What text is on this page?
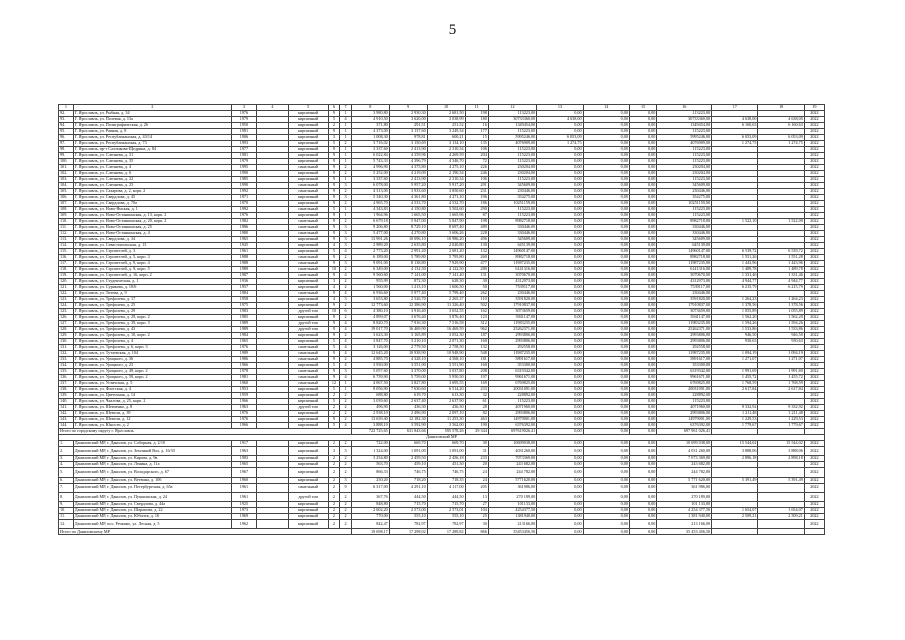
5
1	2	3	4	5	6	7	8	9	10	11	12	13	14	15	16	17	18	19
92.	Г. Ярославль, ул. Рыбная, д. 34	1976		кирпичный	9	1	3 980,80	2 930,30	2 681,50	198	113223,00	0,00	0,00	0,00	113223,00			2022
93.	Г. Ярославль, ул. Полевая, д. 13а	1979		кирпичный	5	4	4 910,50	3 620,00	3 038,99	180	30733360,00	4 638,00	0,00	0,00	30733360,00	4 638,00	4 638,00	2022
94.	Г. Ярославль, ул. Полиграфическая, д. 26	1950		кирпичный	2	1	371,80	291,51	251,52	16	1349454,00	0,00	0,00	0,00	1349454,00	6 160,63	6 160,63	2022
95.	Г. Ярославль, ул. Равная, д. 8	1981		кирпичный	9	1	4 373,00	3 137,60	3 249,34	177	115223,00	0,00	0,00	0,00	115223,00			2022
96.	Г. Ярославль, ул. Республиканская, д. 43/14	1906		кирпичный	3	1	1 008,30	978,81	600,21	15	5995246,00	6 053,09	0,00	0,00	5995246,00	6 053,09	6 053,09	2022
97.	Г. Ярославль, ул. Республиканская, д. 73	1993		кирпичный	5	2	3 716,02	3 150,69	3 134,10	135	4076909,00	1 274,75	0,00	0,00	4076909,00	1 274,75	1 274,75	2022
98.	Г. Ярославль, пр-т Салтыкова-Щедрина, д. 84	1977		кирпичный	9	1	3 337,60	2 413,90	2 310,34	106	115223,00	0,00	0,00	0,00	115223,00			2022
99.	Г. Ярославль, ул. Слепнева, д. 31	1981		кирпичный	9	1	6 022,84	4 359,96	4 269,59	204	115223,00	0,00	0,00	0,00	115223,00			2022
100.	Г. Ярославль, ул. Слепнева, д. 35	1979		кирпичный	9	1	5 743,33	4 396,79	4 346,70	72	115223,00	0,00	0,00	0,00	115223,00			2022
101.	Г. Ярославль, ул. Слепнева, д. 4	1995		панельный	9	2	4 996,90	4 375,80	4 275,10	226	230204,00	0,00	0,00	0,00	230204,00			2022
102.	Г. Ярославль, ул. Слепнева, д. 6	1990		кирпичный	9	2	5 252,00	4 219,09	2 190,34	246	230204,00	0,00	0,00	0,00	230204,00			2022
103.	Г. Ярославль, ул. Слепнева, д. 22	1985		кирпичный	9	1	3 337,60	2 413,90	2 310,34	106	115223,00	0,00	0,00	0,00	115223,00			2022
104.	Г. Ярославль, ул. Слепнева, д. 23	1990		панельный	9	3	6 078,00	5 957,20	5 917,20	291	345609,00	0,00	0,00	0,00	345609,00			2022
105.	Г. Ярославль, ул. Сахарова, д. 2, корп. 2	1992		панельный	9	2	4 313,00	3 933,60	3 850,60	231	230446,00	0,00	0,00	0,00	230446,00			2022
106.	Г. Ярославль, ул. Свердлова, д. 45	1971		кирпичный	9	3	5 340,30	4 361,80	4 271,10	196	354275,00	0,00	0,00	0,00	354275,00			2022
107.	Г. Ярославль, ул. Свердлова, д. 70а	1970		кирпичный	9	2	4 965,70	4 533,70	4 532,70	186	10251159,00	0,00	0,00	0,00	10251159,00			2022
108.	Г. Ярославль, ул. Ново-Ямская, д. 1	1992		панельный	5	1	4 343,83	4 150,80	3 502,60	290	115223,00	0,00	0,00	0,00	115223,00			2022
109.	Г. Ярославль, ул. Ново-Останкинская, д. 13, корп. 2	1976		кирпичный	9	1	1 964,96	1 665,50	1 665,96	87	115223,00	0,00	0,00	0,00	115223,00			2022
110.	Г. Ярославль, ул. Ново-Останкинская, д. 20, корп. 2	1982		панельный	9	2	6 679,18	5 947,00	5 847,90	198	8982718,00	0,00	0,00	0,00	8982718,00	1 522,10	1 522,09	2022
111.	Г. Ярославль, ул. Ново-Останкинская, д. 25	1986		панельный	9	3	9 206,80	8 729,10	8 697,40	489	330446,00	0,00	0,00	0,00	330446,00			2022
112.	Г. Ярославль, ул. Ново-Останкинская, д. 4	1980		панельный	9	3	5 477,00	4 270,80	3 606,26	228	330446,00	0,00	0,00	0,00	330446,00			2022
113.	Г. Ярославль, ул. Свердлова, д. 34	1965		кирпичный	9	3	13 991,26	10 096,10	10 986,20	496	345609,00	0,00	0,00	0,00	345609,00			2022
114.	Г. Ярославль, ул. Севастопольская, д. 13	1945		кирпичный	4	3	2 989,20	2 635,80	2 020,80	130	645139,00	0,00	0,00	0,00	645139,00			2022
115.	Г. Ярославль, ул. Строителей, д. 3	1961		кирпичный	5	4	2 773,20	2 991,20	2 681,20	132	14960147,00	0,00	0,00	0,00	14960147,00	6 539,72	6 539,72	2022
116.	Г. Ярославль, ул. Строителей, д. 5, корп. 3	1988		панельный	9	2	6 189,00	5 789,80	5 795,80	260	8982718,00	0,00	0,00	0,00	8982718,00	1 551,26	1 551,28	2022
117.	Г. Ярославль, ул. Строителей, д. 9, корп. 4	1988		панельный	9	3	9 091,00	8 138,80	7 929,90	477	11987235,00	0,00	0,00	0,00	11987235,00	1 443,96	1 443,96	2022
118.	Г. Ярославль, ул. Строителей, д. 9, корп. 5	1989		панельный	10	2	6 349,00	4 132,50	4 122,50	280	6141316,00	0,00	0,00	0,00	6141316,00	1 489,78	1 489,78	2022
119.	Г. Ярославль, ул. Строителей, д. 16, корп. 2	1987		панельный	9	4	9 560,60	7 141,00	7 141,40	131	3070670,00	0,00	0,00	0,00	3070670,00	1 331,46	1 331,46	2022
120.	Г. Ярославль, ул. Студенческая, д. 1	1936		кирпичный	3	2	955,99	872,30	628,30	30	4312973,00	0,00	0,00	0,00	4312973,00	4 944,77	4 944,77	2022
121.	Г. Ярославль, ул. Сурикова, д. 10/6	1957		кирпичный	4	2	1 560,00	1 213,10	1 606,50	50	7539117,00	0,00	0,00	0,00	7539117,00	6 215,79	6 215,79	2022
122.	Г. Ярославль, ул. Титова, д. 9	1984		панельный	9	4	6 936,60	5 977,40	5 799,40	262	230446,00	0,00	0,00	0,00	230446,00			2022
123.	Г. Ярославль, ул. Трефолева, д. 17	1958		кирпичный	4	3	3 653,80	2 526,70	2 265,37	110	3591820,00	0,00	0,00	0,00	3591820,00	1 264,23	1 264,23	2022
124.	Г. Ярославль, ул. Трефолева, д. 25	1975		кирпичный	9	2	12 773,60	12 386,90	11 326,40	502	17910837,00	0,00	0,00	0,00	17910837,00	1 378,56	1 378,56	2022
125.	Г. Ярославль, ул. Трефолева, д. 29	1983		другой тип	10	6	4 380,10	3 916,40	3 652,55	162	3073659,00	0,00	0,00	0,00	3073659,00	1 055,89	1 055,89	2022
126.	Г. Ярославль, ул. Трефолева, д. 29, корп. 2	1985		кирпичный	9	2	4 899,07	3 676,40	3 876,40	123	3941147,00	0,00	0,00	0,00	3941147,00	1 562,20	1 562,20	2022
127.	Г. Ярославль, ул. Трефолева, д. 39, корп. 3	1989		другой тип	9	4	8 820,70	7 916,30	7 516,58	312	11983235,00	0,00	0,00	0,00	11983235,00	1 594,26	1 594,26	2022
128.	Г. Ярославль, ул. Трефолева, д. 43	1989		другой тип	9	4	19 017,70	16 469,90	16 469,59	962	25262371,00	0,00	0,00	0,00	25262371,00	1 533,86	1 533,86	2022
129.	Г. Ярославль, ул. Трефолева, д. 10, корп. 2	1984		кирпичный	9	2	3 623,30	3 165,89	3 052,30	187	2993806,00	0,00	0,00	0,00	2993806,00	946,50	946,50	2022
130.	Г. Ярославль, ул. Трефолева, д. 4	1965		кирпичный	5	4	3 847,70	3 210,10	2 071,30	160	2993806,00	0,00	0,00	0,00	2993806,00	930,63	930,63	2022
131.	Г. Ярославль, ул. Трефолева, д. 6, корп. 3	1976		панельный	5	4	3 126,00	2 779,50	2 758,50	132	292558,00	0,00	0,00	0,00	292558,00			2022
132.	Г. Ярославль, ул. Тутаевская, д. 104	1989		панельный	9	4	12 645,20	10 938,90	10 948,90	548	11987235,00	0,00	0,00	0,00	11987235,00	1 094,19	1 094,19	2022
133.	Г. Ярославль, ул. Урицкого, д. 36	1986		панельный	9	2	4 885,70	4 328,10	4 568,10	181	5891617,00	0,00	0,00	0,00	5891617,00	1 271,07	1 271,07	2022
134.	Г. Ярославль, ул. Урицкого, д. 23	1966		кирпичный	5	4	3 930,00	3 551,90	3 551,90	160	353300,00	0,00	0,00	0,00	353300,00			2022
135.	Г. Ярославль, ул. Урицкого, д. 49, корп. 2	1978		панельный	9	3	5 057,60	3 370,00	3 037,80	208	6319342,00	0,00	0,00	0,00	6319342,00	1 991,69	1 991,69	2022
136.	Г. Ярославль, ул. Урицкого, д. 59, корп. 2	1981		панельный	9	4	6 739,90	5 759,00	5 950,50	197	9961671,00	0,00	0,00	0,00	9961671,00	1 455,72	1 455,72	2022
137.	Г. Ярославль, ул. Угличская, д. 5	1960		панельный	12	1	4 067,50	3 827,80	3 695,55	169	6769825,00	0,00	0,00	0,00	6769825,00	1 768,59	1 768,59	2022
138.	Г. Ярославль, ул. Флотская, д. 4	1953		кирпичный	5	1	8 056,90	7 630,60	6 514,20	233	20031091,00	0,00	0,00	0,00	20031091,00	2 617,84	2 617,84	2022
139.	Г. Ярославль, ул. Цветочная, д. 14	1959		кирпичный	2	2	688,80	619,70	613,30	32	228892,00	0,00	0,00	0,00	228892,00			2022
140.	Г. Ярославль, ул. Чкалова, д. 25, корп. 2	1966		кирпичный	5	2	3 039,60	2 637,40	2 637,90	61	115223,00	0,00	0,00	0,00	115223,00			2022
141.	Г. Ярославль, ул. Шевченко, д. 8	1963		другой тип	2	2	496,90	436,30	436,30	28	4071960,00	0,00	0,00	0,00	4071960,00	9 332,92	9 332,92	2022
142.	Г. Ярославль, ул. Шевели, д. 39	1976		кирпичный	2	2	2 938,10	2 496,90	2 097,10	82	2993806,00	0,00	0,00	0,00	2993806,00	1 211,48	1 211,48	2022
143.	Г. Ярославль, ул. Шевели, д. 12	1976		кирпичный	9	2	13 639,40	12 182,30	11 255,30	463	14979001,00	0,00	0,00	0,00	14979001,00	1 229,53	1 229,53	2022
144.	Г. Ярославль, ул. Юности, д. 2	1966		кирпичный	5	4	3 888,10	3 592,90	3 562,00	190	6376392,00	0,00	0,00	0,00	6376392,00	1 779,67	1 779,67	2022
Итого по городскому округу г. Ярославль							722 725,65	631 843,66	595 578,26	29 344	697619026,41	0,00	0,00	0,00	697 961 026,41			
Даниловский МР																		
1.	Даниловский МР, г. Данилов, ул. Соборная, д. 2/10	1917		кирпичный	2	2	722,00	669,70	669,70	30	10699038,00	0,00	0,00	0,00	10 699 038,00	15 544,02	15 544,02	2022
2.	Даниловский МР, г. Данилов, ул. Земляной Вал, д. 16/33	1963		кирпичный	3	3	1 324,00	1 091,00	1 091,00	31	4031260,00	0,00	0,00	0,00	4 031 260,00	3 888,06	3 888,06	2022
3.	Даниловский МР, г. Данилов, ул. Кирова, д. 9в	1983		кирпичный	2	2	3 254,80	2 459,50	2 456,18	233	7073369,00	0,00	0,00	0,00	7 073 369,00	2 896,18	2 898,18	2022
4.	Даниловский МР, г. Данилов, ул. Ленина, д. 11а	1965		кирпичный	2	2	563,70	459,10	451,30	20	243 682,00	0,00	0,00	0,00	243 682,00			2022
5.	Даниловский МР, г. Данилов, ул. Володарского, д. 67	1967		кирпичный	2	2	866,33	746,75	746,75	24	244 782,00	0,00	0,00	0,00	244 782,00			2022
6.	Даниловский МР, г. Данилов, ул. Ветвина, д. 106	1960		кирпичный	2	3	250,20	718,20	718,35	24	5771620,00	0,00	0,00	0,00	5 771 620,00	5 391,49	5 391,49	2022
7.	Даниловский МР, г. Данилов, ул. Петербургская, д. 65а	1961		панельный	2	9	6 317,00	4 291,10	4 117,00	205	361986,00	0,00	0,00	0,00	361 986,00			2022
8.	Даниловский МР, г. Данилов, ул. Пушкинская, д. 24	1961		другой тип	2	2	367,76	444,50	444,50	13	270 189,00	0,00	0,00	0,00	270 189,00			2022
9.	Даниловский МР, г. Данилов, ул. Свердлова, д. 44а	1925		кирпичный	2	2	848,80	715,70	715,70	27	101133,00	0,00	0,00	0,00	101 133,00			2022
10.	Даниловский МР, г. Данилов, ул. Шарапова, д. 22	1973		кирпичный	2	2	2 602,20	2 573,00	2 573,01	104	4254377,50	0,00	0,00	0,00	4 254 377,50	1 654,07	1 654,07	2022
11.	Даниловский МР, г. Данилов, ул. Юбилея, д. 16	1969		кирпичный	2	2	770,00	555,10	555,10	25	1381940,00	0,00	0,00	0,00	1 381 940,00	2 509,21	2 509,21	2022
12.	Даниловский МР, пос. Речкино, ул. Лесная, д. 5	1962		кирпичный	2	2	842,47	782,97	782,97	30	213166,00	0,00	0,00	0,00	213 166,00			2022
Итого по Даниловскому МР							19 698,17	17 298,02	17 289,82	866	35453456,50	0,00	0,00	0,00	35 453 456,50			
